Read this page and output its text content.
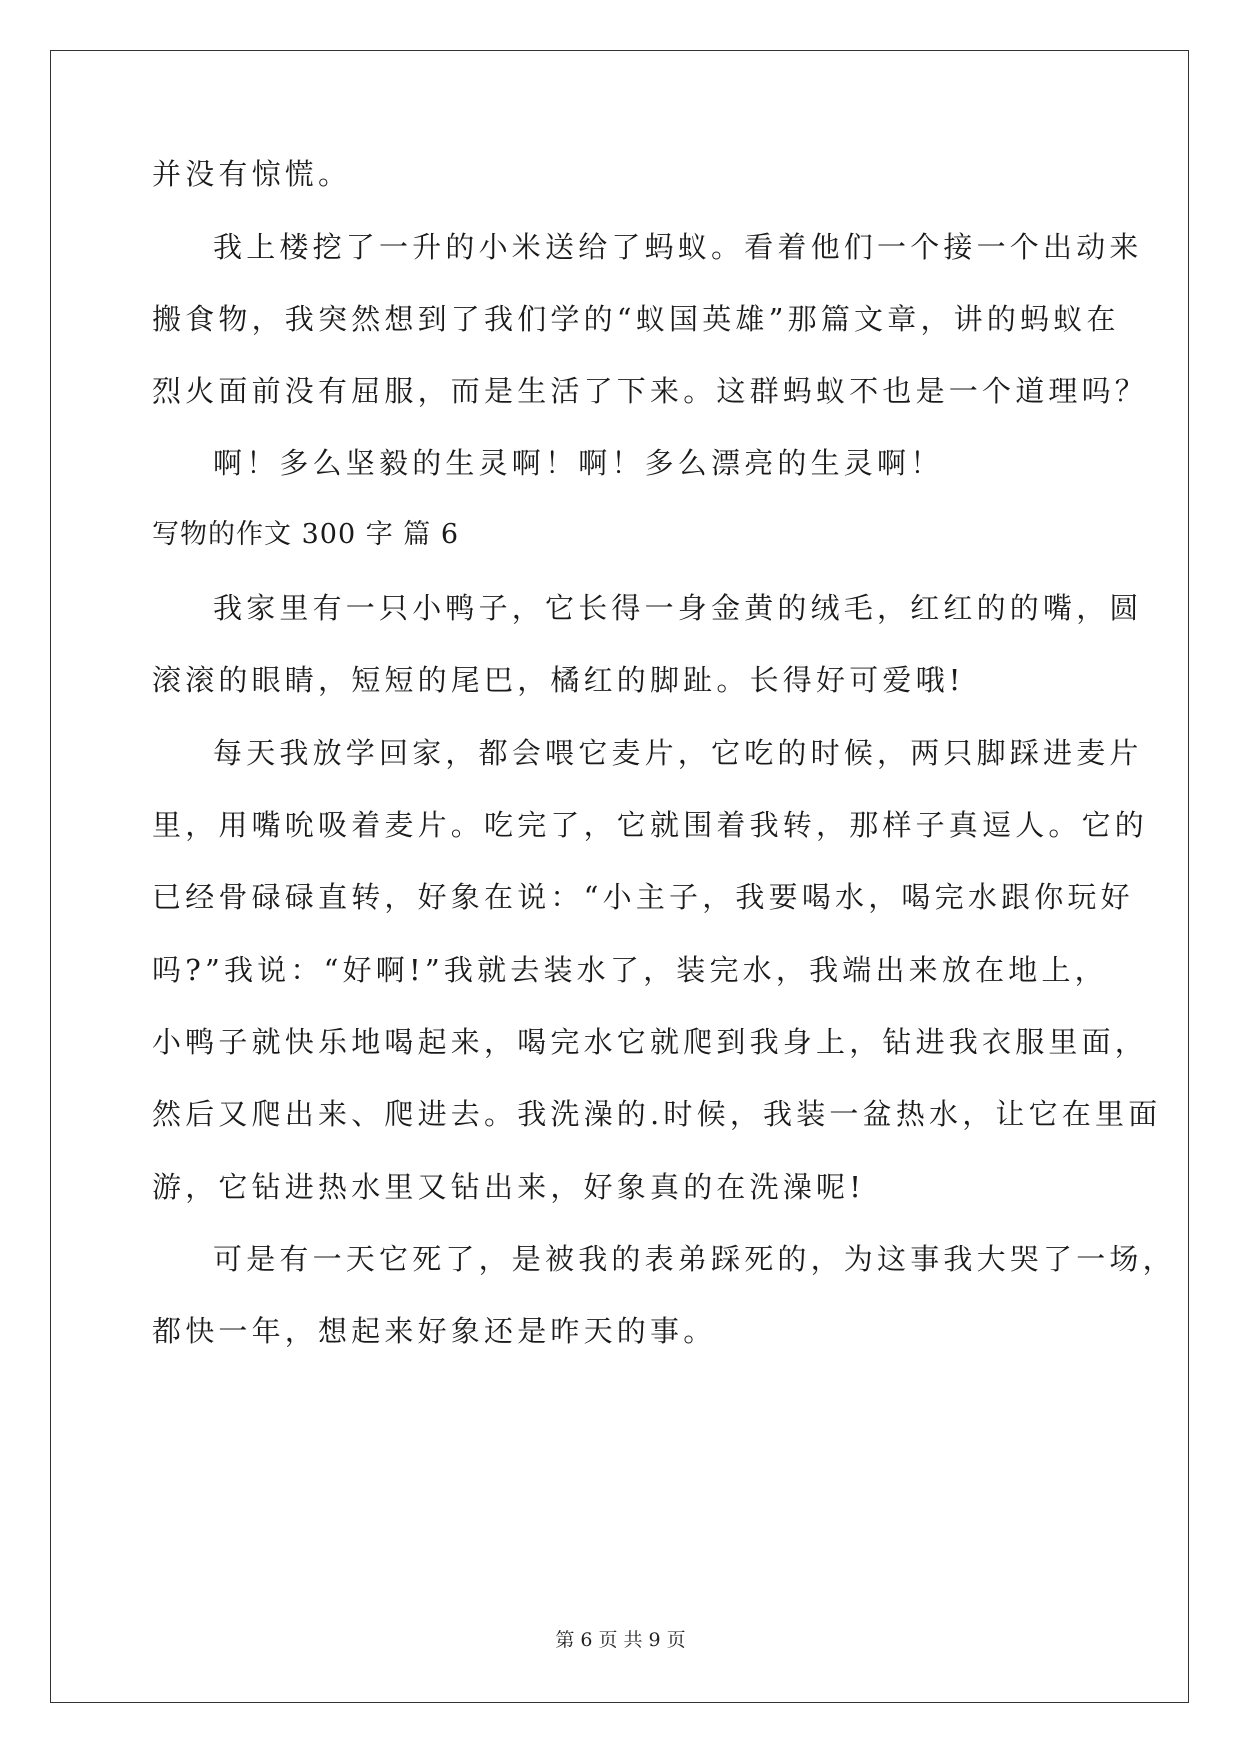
并没有惊慌。
我上楼挖了一升的小米送给了蚂蚁。看着他们一个接一个出动来
搬食物，我突然想到了我们学的“蚁国英雄”那篇文章，讲的蚂蚁在
烈火面前没有屈服，而是生活了下来。这群蚂蚁不也是一个道理吗？
啊！多么坚毅的生灵啊！啊！多么漂亮的生灵啊！
写物的作文 300 字 篇 6
我家里有一只小鸭子，它长得一身金黄的绒毛，红红的的嘴，圆
滚滚的眼睛，短短的尾巴，橘红的脚趾。长得好可爱哦!
每天我放学回家，都会喂它麦片，它吃的时候，两只脚踩进麦片
里，用嘴吮吸着麦片。吃完了，它就围着我转，那样子真逗人。它的
已经骨碌碌直转，好象在说：“小主子，我要喝水，喝完水跟你玩好
吗?”我说：“好啊!”我就去装水了，装完水，我端出来放在地上，
小鸭子就快乐地喝起来，喝完水它就爬到我身上，钻进我衣服里面，
然后又爬出来、爬进去。我洗澡的.时候，我装一盆热水，让它在里面
游，它钻进热水里又钻出来，好象真的在洗澡呢!
可是有一天它死了，是被我的表弟踩死的，为这事我大哭了一场，
都快一年，想起来好象还是昨天的事。
第 6 页 共 9 页
